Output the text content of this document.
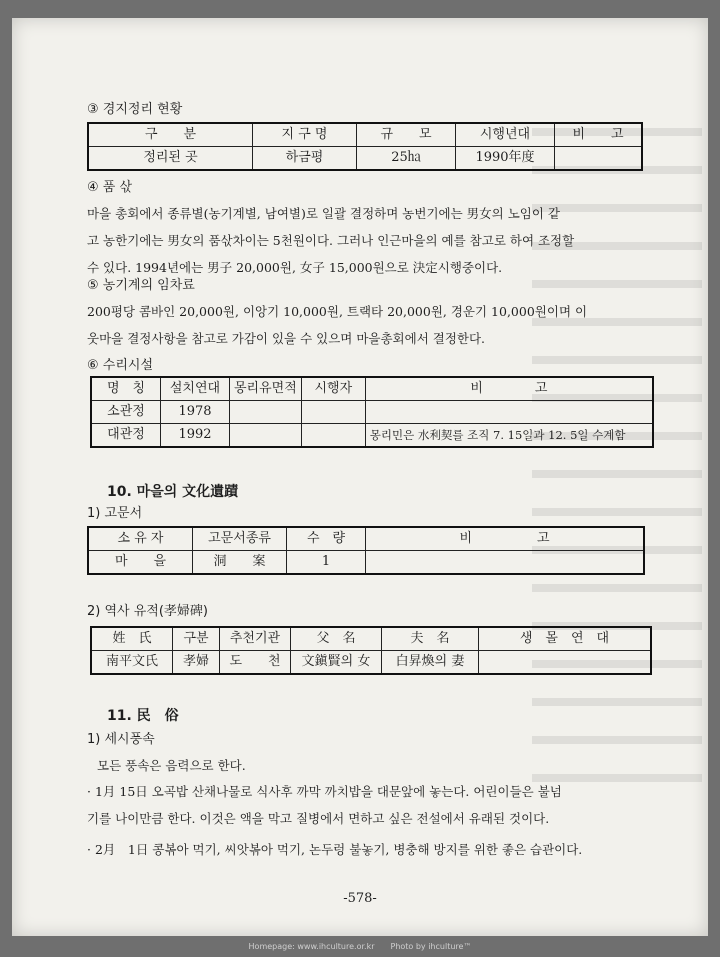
③ 경지정리 현황
구　　분	지 구 명	규　　모	시행년대	비　　고
정리된 곳	하금평	25㏊	1990年度	
④ 품 삯
마을 총회에서 종류별(농기계별, 남여별)로 일괄 결정하며 농번기에는 男女의 노임이 같
고 농한기에는 男女의 품삯차이는 5천원이다. 그러나 인근마을의 예를 참고로 하여 조정할
수 있다. 1994년에는 男子 20,000원, 女子 15,000원으로 決定시행중이다.
⑤ 농기계의 임차료
200평당 콤바인 20,000원, 이앙기 10,000원, 트랙타 20,000원, 경운기 10,000원이며 이
웃마을 결정사항을 참고로 가감이 있을 수 있으며 마을총회에서 결정한다.
⑥ 수리시설
명　칭	설치연대	몽리유면적	시행자	비　　　　고
소관정	1978			
대관정	1992			몽리민은 水利契를 조직 7. 15일과 12. 5일 수계함
10. 마을의 文化遺蹟
1) 고문서
소 유 자	고문서종류	수　량	비　　　　　고
마　　을	洞　　案	1	
2) 역사 유적(孝婦碑)
姓　氏	구분	추천기관	父　名	夫　名	생　몰　연　대
南平文氏	孝婦	도　　천	文鎭賢의 女	白昇煥의 妻	
11. 民　俗
1) 세시풍속
모든 풍속은 음력으로 한다.
· 1月 15日 오곡밥 산채나물로 식사후 까막 까치밥을 대문앞에 놓는다. 어린이들은 불넘
기를 나이만큼 한다. 이것은 액을 막고 질병에서 면하고 싶은 전설에서 유래된 것이다.
· 2月　1日 콩볶아 먹기, 씨앗볶아 먹기, 논두렁 불놓기, 병충해 방지를 위한 좋은 습관이다.
-578-
Homepage: www.ihculture.or.kr　　Photo by ihculture™
